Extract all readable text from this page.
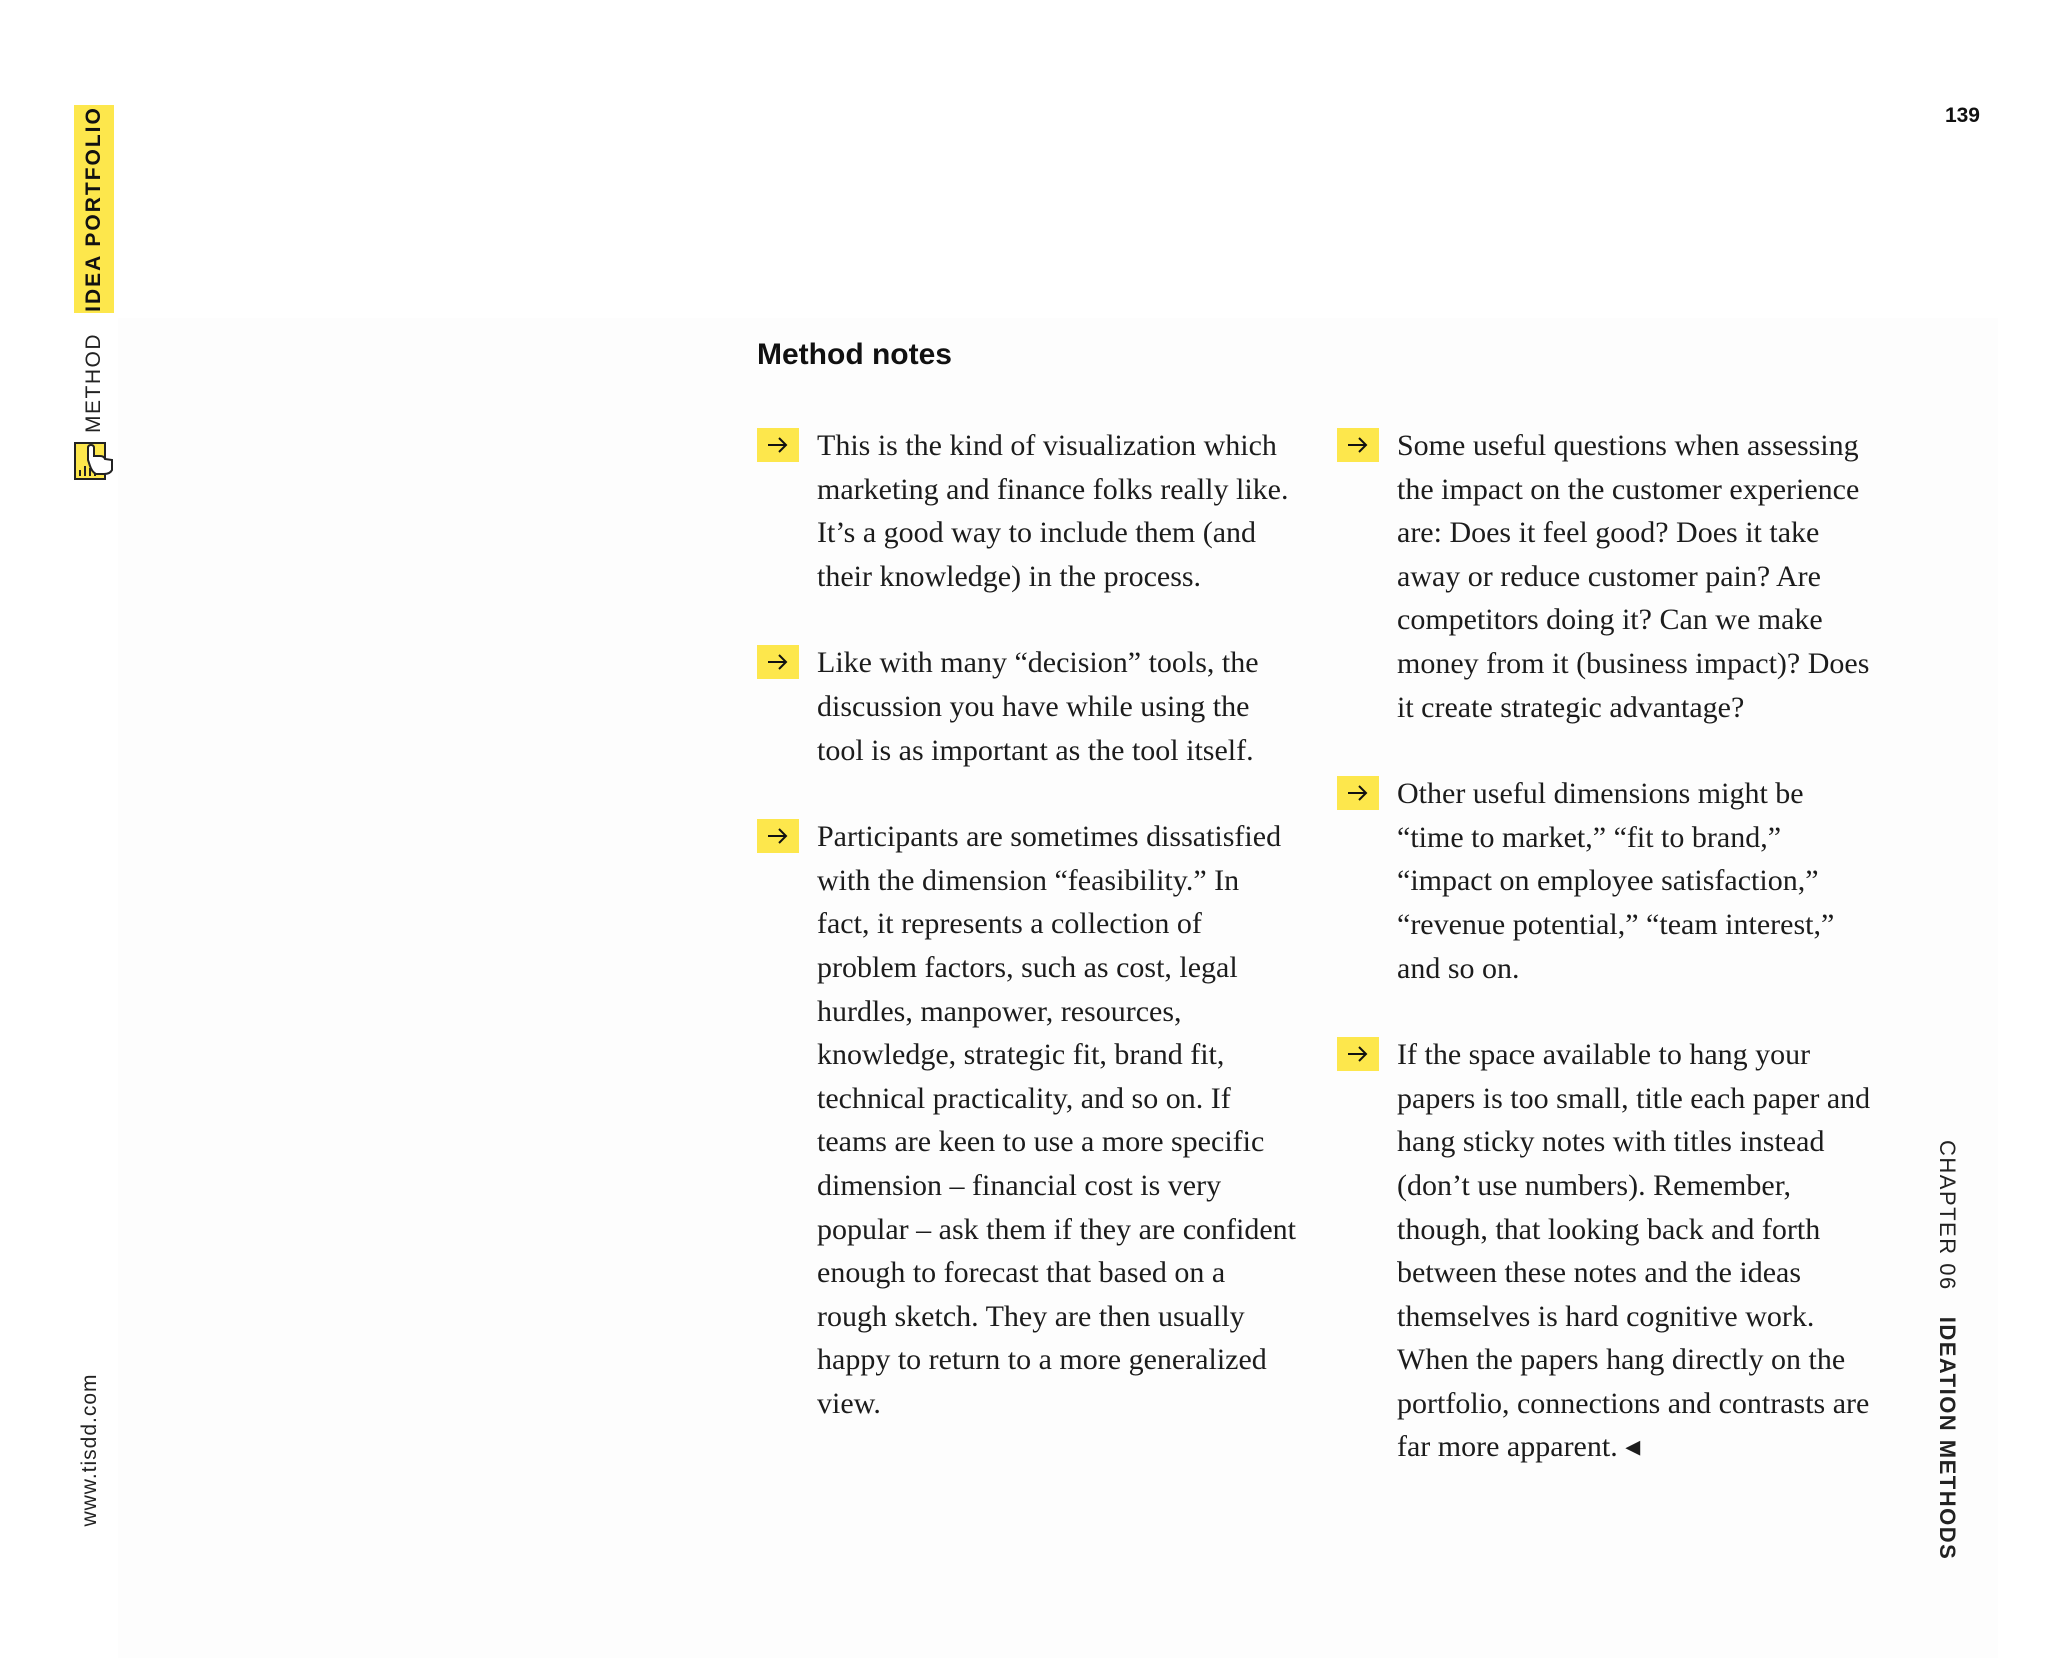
IDEA PORTFOLIO
METHOD
www.tisdd.com
139
CHAPTER 06IDEATION METHODS
Method notes
This is the kind of visualization which marketing and finance folks really like. It’s a good way to include them (and their knowledge) in the process.
Like with many “decision” tools, the discussion you have while using the tool is as important as the tool itself.
Participants are sometimes dissatisfied with the dimension “feasibility.” In fact, it represents a collection of problem factors, such as cost, legal hurdles, manpower, resources, knowledge, strategic fit, brand fit, technical practicality, and so on. If teams are keen to use a more specific dimension – financial cost is very popular – ask them if they are confident enough to forecast that based on a rough sketch. They are then usually happy to return to a more generalized view.
Some useful questions when assessing the impact on the customer experience are: Does it feel good? Does it take away or reduce customer pain? Are competitors doing it? Can we make money from it (business impact)? Does it create strategic advantage?
Other useful dimensions might be “time to market,” “fit to brand,” “impact on employee satisfaction,” “revenue potential,” “team interest,” and so on.
If the space available to hang your papers is too small, title each paper and hang sticky notes with titles instead (don’t use numbers). Remember, though, that looking back and forth between these notes and the ideas themselves is hard cognitive work. When the papers hang directly on the portfolio, connections and contrasts are far more apparent. ◂
